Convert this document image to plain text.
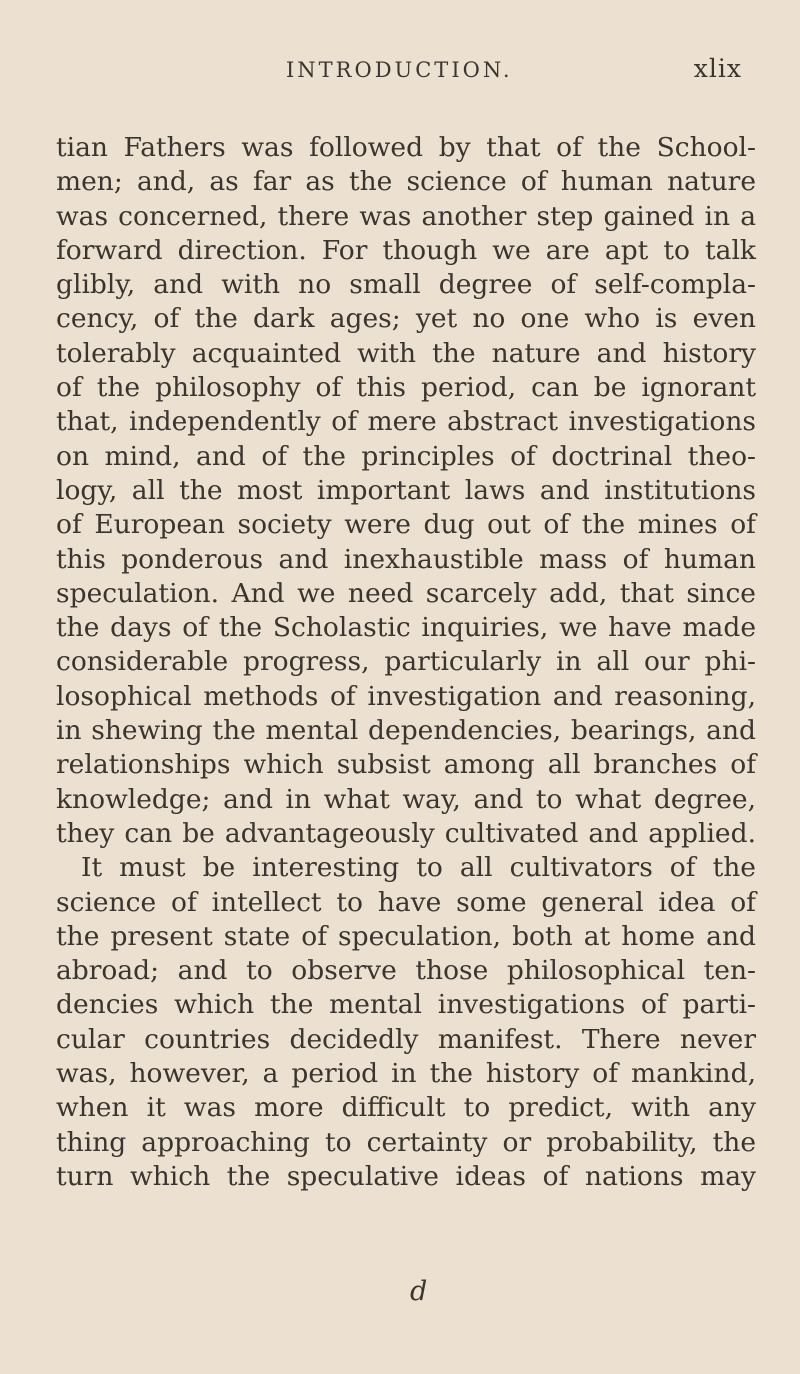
INTRODUCTION.	xlix
tian Fathers was followed by that of the School-
men; and, as far as the science of human nature
was concerned, there was another step gained in a
forward direction. For though we are apt to talk
glibly, and with no small degree of self-compla-
cency, of the dark ages; yet no one who is even
tolerably acquainted with the nature and history
of the philosophy of this period, can be ignorant
that, independently of mere abstract investigations
on mind, and of the principles of doctrinal theo-
logy, all the most important laws and institutions
of European society were dug out of the mines of
this ponderous and inexhaustible mass of human
speculation. And we need scarcely add, that since
the days of the Scholastic inquiries, we have made
considerable progress, particularly in all our phi-
losophical methods of investigation and reasoning,
in shewing the mental dependencies, bearings, and
relationships which subsist among all branches of
knowledge; and in what way, and to what degree,
they can be advantageously cultivated and applied.
It must be interesting to all cultivators of the
science of intellect to have some general idea of
the present state of speculation, both at home and
abroad; and to observe those philosophical ten-
dencies which the mental investigations of parti-
cular countries decidedly manifest. There never
was, however, a period in the history of mankind,
when it was more difficult to predict, with any
thing approaching to certainty or probability, the
turn which the speculative ideas of nations may
d
